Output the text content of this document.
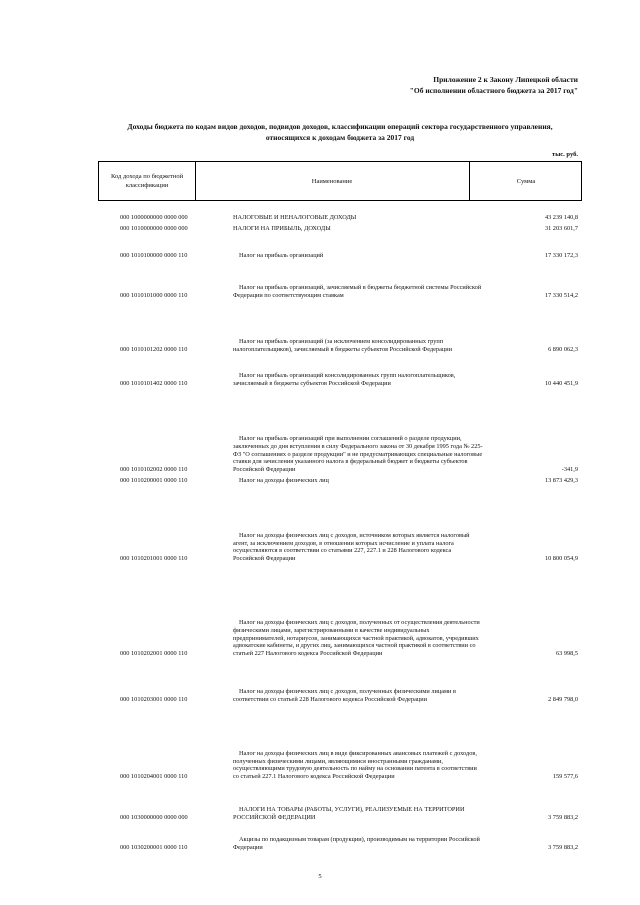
Приложение 2 к Закону Липецкой области
"Об исполнении областного бюджета за 2017 год"
Доходы бюджета по кодам видов доходов, подвидов доходов, классификации операций сектора государственного управления,
относящихся к доходам бюджета за 2017 год
тыс. руб.
Код дохода по бюджетной классификации
Наименование	Сумма
000 1000000000 0000 000	НАЛОГОВЫЕ И НЕНАЛОГОВЫЕ ДОХОДЫ	43 239 140,8
000 1010000000 0000 000	НАЛОГИ НА ПРИБЫЛЬ, ДОХОДЫ	31 203 601,7
000 1010100000 0000 110	Налог на прибыль организаций	17 330 172,3
000 1010101000 0000 110
Налог на прибыль организаций, зачисляемый в бюджеты бюджетной системы Российской Федерации по соответствующим ставкам	17 330 514,2
000 1010101202 0000 110
Налог на прибыль организаций (за исключением консолидированных групп налогоплательщиков), зачисляемый в бюджеты субъектов Российской Федерации	6 890 062,3
000 1010101402 0000 110
Налог на прибыль организаций консолидированных групп налогоплательщиков, зачисляемый в бюджеты субъектов Российской Федерации	10 440 451,9
000 1010102002 0000 110
Налог на прибыль организаций при выполнении соглашений о разделе продукции, заключенных до дня вступления в силу Федерального закона от 30 декабря 1995 года № 225-ФЗ "О соглашениях о разделе продукции" и не предусматривающих специальные налоговые ставки для зачисления указанного налога в федеральный бюджет и бюджеты субъектов Российской Федерации	-341,9
000 1010200001 0000 110	Налог на доходы физических лиц	13 873 429,3
000 1010201001 0000 110
Налог на доходы физических лиц с доходов, источником которых является налоговый агент, за исключением доходов, в отношении которых исчисление и уплата налога осуществляются в соответствии со статьями 227, 227.1 и 228 Налогового кодекса Российской Федерации	10 800 054,9
000 1010202001 0000 110
Налог на доходы физических лиц с доходов, полученных от осуществления деятельности физическими лицами, зарегистрированными в качестве индивидуальных предпринимателей, нотариусов, занимающихся частной практикой, адвокатов, учредивших адвокатские кабинеты, и других лиц, занимающихся частной практикой в соответствии со статьей 227 Налогового кодекса Российской Федерации	63 998,5
000 1010203001 0000 110
Налог на доходы физических лиц с доходов, полученных физическими лицами в соответствии со статьей 228 Налогового кодекса Российской Федерации	2 849 798,0
000 1010204001 0000 110
Налог на доходы физических лиц в виде фиксированных авансовых платежей с доходов, полученных физическими лицами, являющимися иностранными гражданами, осуществляющими трудовую деятельность по найму на основании патента в соответствии со статьей 227.1 Налогового кодекса Российской Федерации	159 577,6
000 1030000000 0000 000
НАЛОГИ НА ТОВАРЫ (РАБОТЫ, УСЛУГИ), РЕАЛИЗУЕМЫЕ НА ТЕРРИТОРИИ РОССИЙСКОЙ ФЕДЕРАЦИИ	3 759 883,2
000 1030200001 0000 110
Акцизы по подакцизным товарам (продукции), производимым на территории Российской Федерации	3 759 883,2
5
